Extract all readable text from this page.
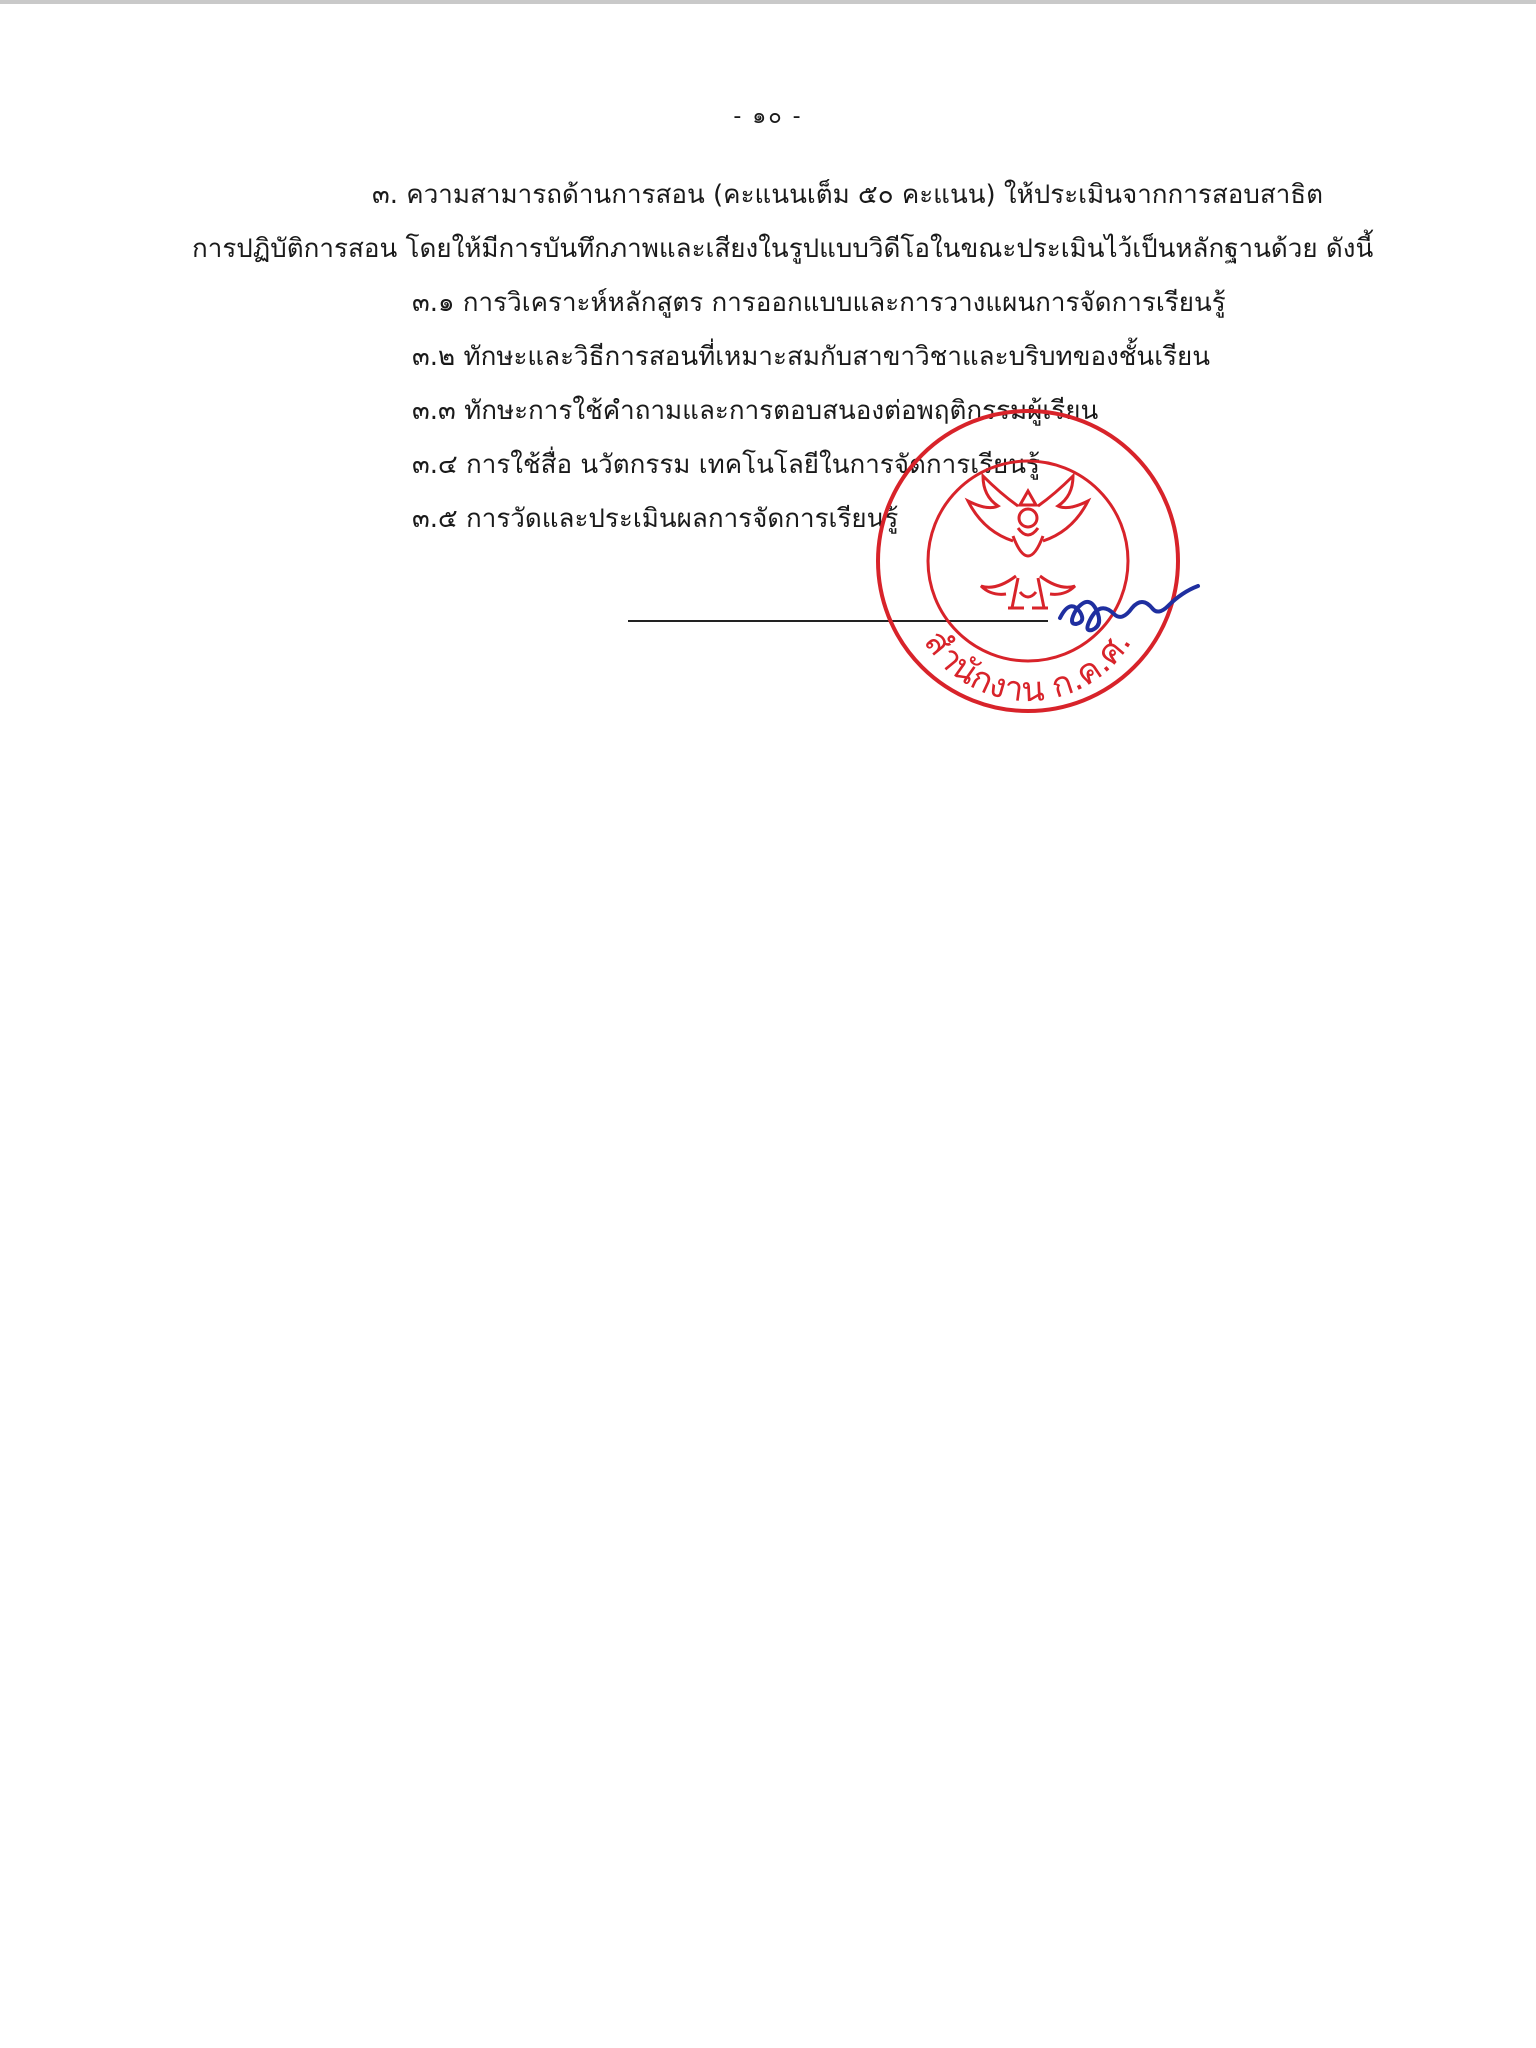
- ๑๐ -
๓. ความสามารถด้านการสอน (คะแนนเต็ม ๕๐ คะแนน) ให้ประเมินจากการสอบสาธิต
การปฏิบัติการสอน โดยให้มีการบันทึกภาพและเสียงในรูปแบบวิดีโอในขณะประเมินไว้เป็นหลักฐานด้วย ดังนี้
๓.๑ การวิเคราะห์หลักสูตร การออกแบบและการวางแผนการจัดการเรียนรู้
๓.๒ ทักษะและวิธีการสอนที่เหมาะสมกับสาขาวิชาและบริบทของชั้นเรียน
๓.๓ ทักษะการใช้คำถามและการตอบสนองต่อพฤติกรรมผู้เรียน
๓.๔ การใช้สื่อ นวัตกรรม เทคโนโลยีในการจัดการเรียนรู้
๓.๕ การวัดและประเมินผลการจัดการเรียนรู้
สำนักงาน ก.ค.ศ.
